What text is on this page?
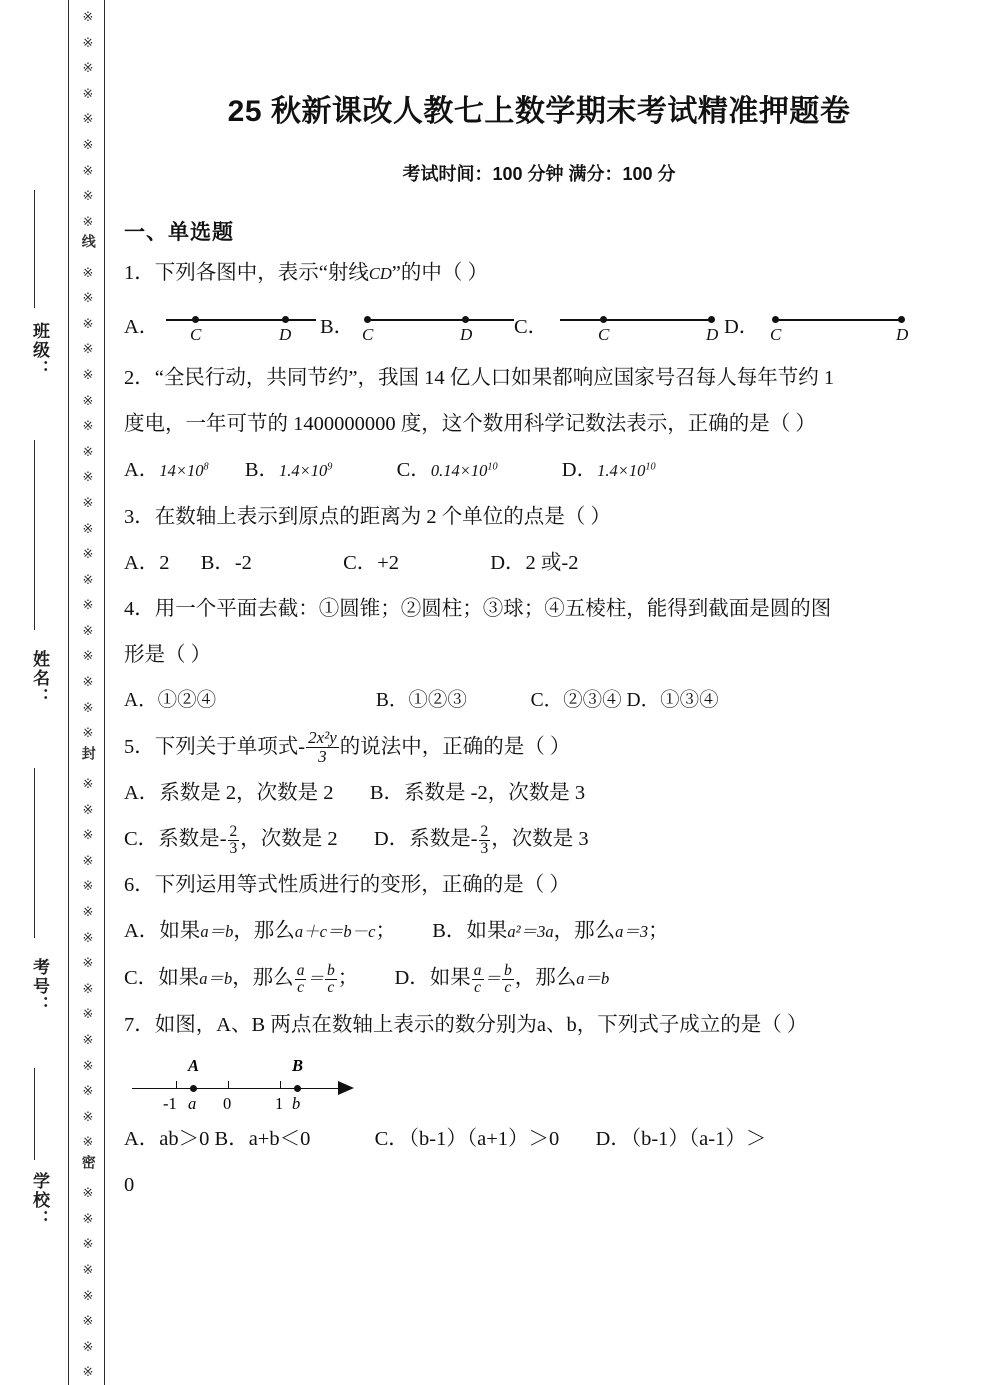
※
※
※
※
※
※
※
※
※
线
※
※
※
※
※
※
※
※
※
※
※
※
※
※
※
※
※
※
※
封
※
※
※
※
※
※
※
※
※
※
※
※
※
※
※
密
※
※
※
※
※
※
※
※
班级：
姓名：
考号：
学校：
25 秋新课改人教七上数学期末考试精准押题卷
考试时间：100 分钟 满分：100 分
一、单选题
1．下列各图中，表示“射线CD”的中（ ）
A． C	D B． C	D C．	C	D D． C	D
2．“全民行动，共同节约”，我国 14 亿人口如果都响应国家号召每人每年节约 1
度电，一年可节的 1400000000 度，这个数用科学记数法表示，正确的是（ ）
A．$14\times 10^8$ B．$1.4\times 10^9$	C．$0.14\times 10^{10}$	D．$1.4\times 10^{10}$
3．在数轴上表示到原点的距离为 2 个单位的点是（ ）
A．2 B．-2	C．+2	D．2 或-2
4．用一个平面去截：①圆锥；②圆柱；③球；④五棱柱，能得到截面是圆的图
形是（ ）
A．①②④	B．①②③	C．②③④ D．①③④
5．下列关于单项式- $\frac{\text{2x²y}}{3}$ 的说法中，正确的是（ ）
A．系数是 2，次数是 2 B．系数是 -2，次数是 3
C．系数是- $\frac{2}{3}$ ，次数是 2 D．系数是- $\frac{2}{3}$ ，次数是 3
6．下列运用等式性质进行的变形，正确的是（ ）
A．如果a＝b，那么a＋c＝b－c； B．如果a²＝3a，那么a＝3；
C．如果a＝b，那么 $\frac{a}{c} = \frac{b}{c}$ ； D．如果 $\frac{a}{c} = \frac{b}{c}$ ，那么a＝b
7．如图，A、B 两点在数轴上表示的数分别为a、b，下列式子成立的是（ ）
A	B
-1 a 0	1 b
A．ab＞0 B．a+b＜0	C．（b‐1）（a+1）＞0 D．（b‐1）（a‐1）＞
0
